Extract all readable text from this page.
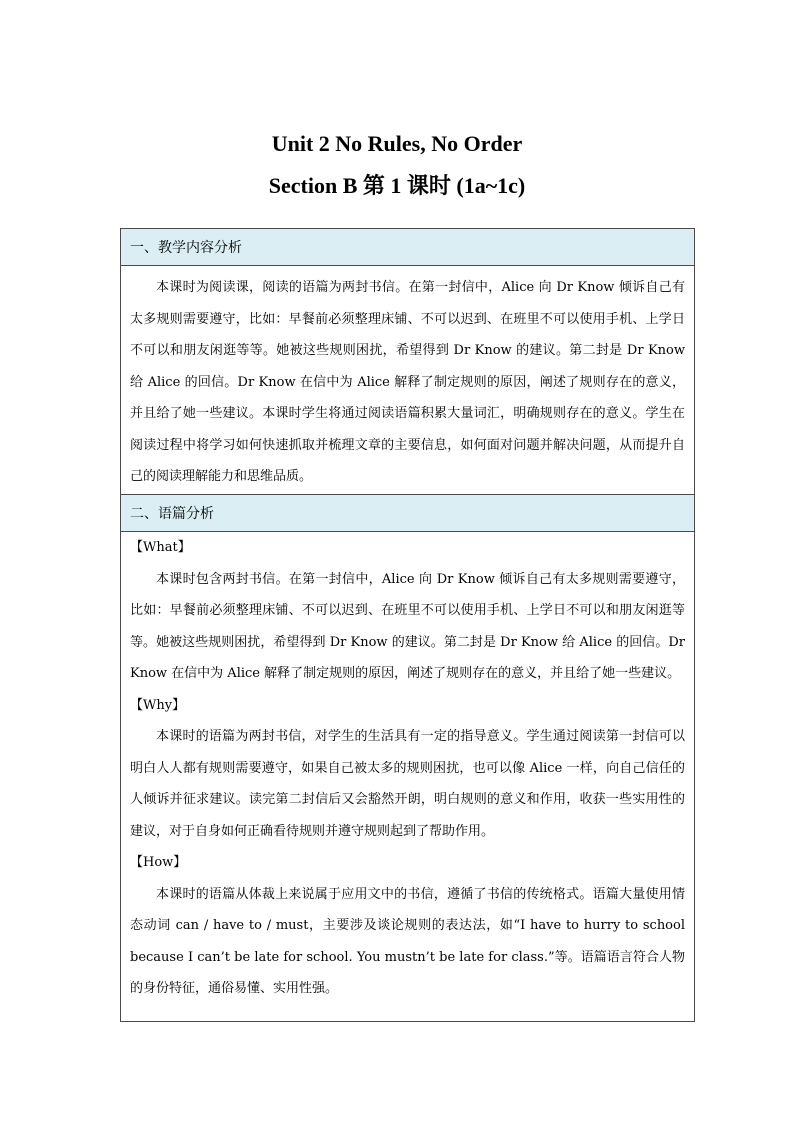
Unit 2 No Rules, No Order
Section B 第 1 课时 (1a~1c)
一、教学内容分析

本课时为阅读课，阅读的语篇为两封书信。在第一封信中，Alice 向 Dr Know 倾诉自己有太多规则需要遵守，比如：早餐前必须整理床铺、不可以迟到、在班里不可以使用手机、上学日不可以和朋友闲逛等等。她被这些规则困扰，希望得到 Dr Know 的建议。第二封是 Dr Know 给 Alice 的回信。Dr Know 在信中为 Alice 解释了制定规则的原因，阐述了规则存在的意义，并且给了她一些建议。本课时学生将通过阅读语篇积累大量词汇，明确规则存在的意义。学生在阅读过程中将学习如何快速抓取并梳理文章的主要信息，如何面对问题并解决问题，从而提升自己的阅读理解能力和思维品质。

二、语篇分析

【What】

本课时包含两封书信。在第一封信中，Alice 向 Dr Know 倾诉自己有太多规则需要遵守，比如：早餐前必须整理床铺、不可以迟到、在班里不可以使用手机、上学日不可以和朋友闲逛等等。她被这些规则困扰，希望得到 Dr Know 的建议。第二封是 Dr Know 给 Alice 的回信。Dr Know 在信中为 Alice 解释了制定规则的原因，阐述了规则存在的意义，并且给了她一些建议。

【Why】

本课时的语篇为两封书信，对学生的生活具有一定的指导意义。学生通过阅读第一封信可以明白人人都有规则需要遵守，如果自己被太多的规则困扰，也可以像 Alice 一样，向自己信任的人倾诉并征求建议。读完第二封信后又会豁然开朗，明白规则的意义和作用，收获一些实用性的建议，对于自身如何正确看待规则并遵守规则起到了帮助作用。

【How】

本课时的语篇从体裁上来说属于应用文中的书信，遵循了书信的传统格式。语篇大量使用情态动词 can / have to / must，主要涉及谈论规则的表达法，如“I have to hurry to school because I can’t be late for school. You mustn’t be late for class.”等。语篇语言符合人物的身份特征，通俗易懂、实用性强。
